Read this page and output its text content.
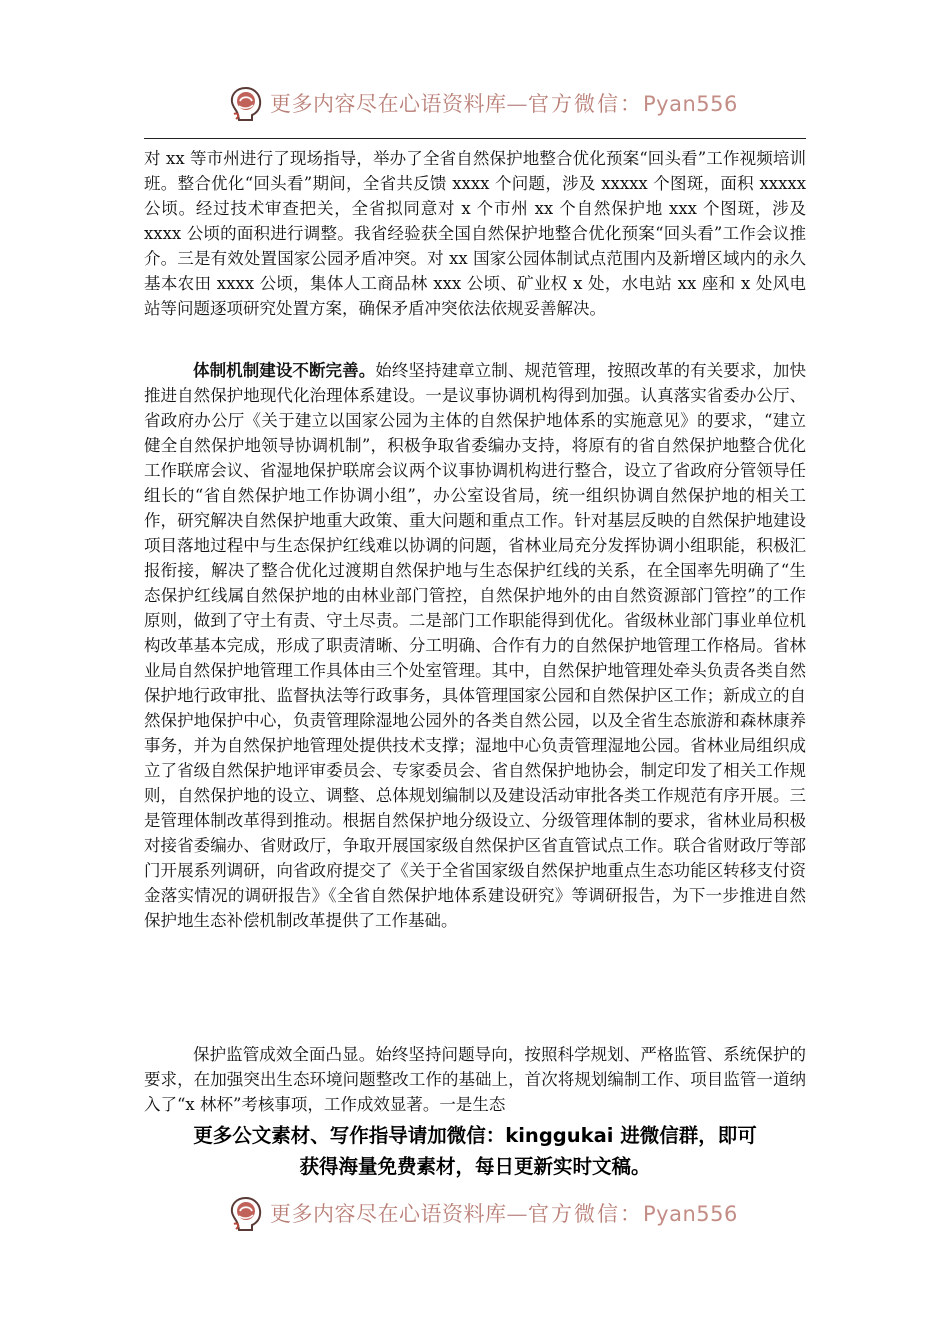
更多内容尽在心语资料库—官方微信：Pyan556

对 xx 等市州进行了现场指导，举办了全省自然保护地整合优化预案“回头看”工作视频培训班。整合优化“回头看”期间，全省共反馈 xxxx 个问题，涉及 xxxxx 个图斑，面积 xxxxx 公顷。经过技术审查把关，全省拟同意对 x 个市州 xx 个自然保护地 xxx 个图斑，涉及 xxxx 公顷的面积进行调整。我省经验获全国自然保护地整合优化预案“回头看”工作会议推介。三是有效处置国家公园矛盾冲突。对 xx 国家公园体制试点范围内及新增区域内的永久基本农田 xxxx 公顷，集体人工商品林 xxx 公顷、矿业权 x 处，水电站 xx 座和 x 处风电站等问题逐项研究处置方案，确保矛盾冲突依法依规妥善解决。

体制机制建设不断完善。始终坚持建章立制、规范管理，按照改革的有关要求，加快推进自然保护地现代化治理体系建设。一是议事协调机构得到加强。认真落实省委办公厅、省政府办公厅《关于建立以国家公园为主体的自然保护地体系的实施意见》的要求，“建立健全自然保护地领导协调机制”，积极争取省委编办支持，将原有的省自然保护地整合优化工作联席会议、省湿地保护联席会议两个议事协调机构进行整合，设立了省政府分管领导任组长的“省自然保护地工作协调小组”，办公室设省局，统一组织协调自然保护地的相关工作，研究解决自然保护地重大政策、重大问题和重点工作。针对基层反映的自然保护地建设项目落地过程中与生态保护红线难以协调的问题，省林业局充分发挥协调小组职能，积极汇报衔接，解决了整合优化过渡期自然保护地与生态保护红线的关系，在全国率先明确了“生态保护红线属自然保护地的由林业部门管控，自然保护地外的由自然资源部门管控”的工作原则，做到了守土有责、守土尽责。二是部门工作职能得到优化。省级林业部门事业单位机构改革基本完成，形成了职责清晰、分工明确、合作有力的自然保护地管理工作格局。省林业局自然保护地管理工作具体由三个处室管理。其中，自然保护地管理处牵头负责各类自然保护地行政审批、监督执法等行政事务，具体管理国家公园和自然保护区工作；新成立的自然保护地保护中心，负责管理除湿地公园外的各类自然公园，以及全省生态旅游和森林康养事务，并为自然保护地管理处提供技术支撑；湿地中心负责管理湿地公园。省林业局组织成立了省级自然保护地评审委员会、专家委员会、省自然保护地协会，制定印发了相关工作规则，自然保护地的设立、调整、总体规划编制以及建设活动审批各类工作规范有序开展。三是管理体制改革得到推动。根据自然保护地分级设立、分级管理体制的要求，省林业局积极对接省委编办、省财政厅，争取开展国家级自然保护区省直管试点工作。联合省财政厅等部门开展系列调研，向省政府提交了《关于全省国家级自然保护地重点生态功能区转移支付资金落实情况的调研报告》《全省自然保护地体系建设研究》等调研报告，为下一步推进自然保护地生态补偿机制改革提供了工作基础。

保护监管成效全面凸显。始终坚持问题导向，按照科学规划、严格监管、系统保护的要求，在加强突出生态环境问题整改工作的基础上，首次将规划编制工作、项目监管一道纳入了“x 林杯”考核事项，工作成效显著。一是生态

更多公文素材、写作指导请加微信：kinggukai 进微信群，即可
获得海量免费素材，每日更新实时文稿。
更多内容尽在心语资料库—官方微信：Pyan556
